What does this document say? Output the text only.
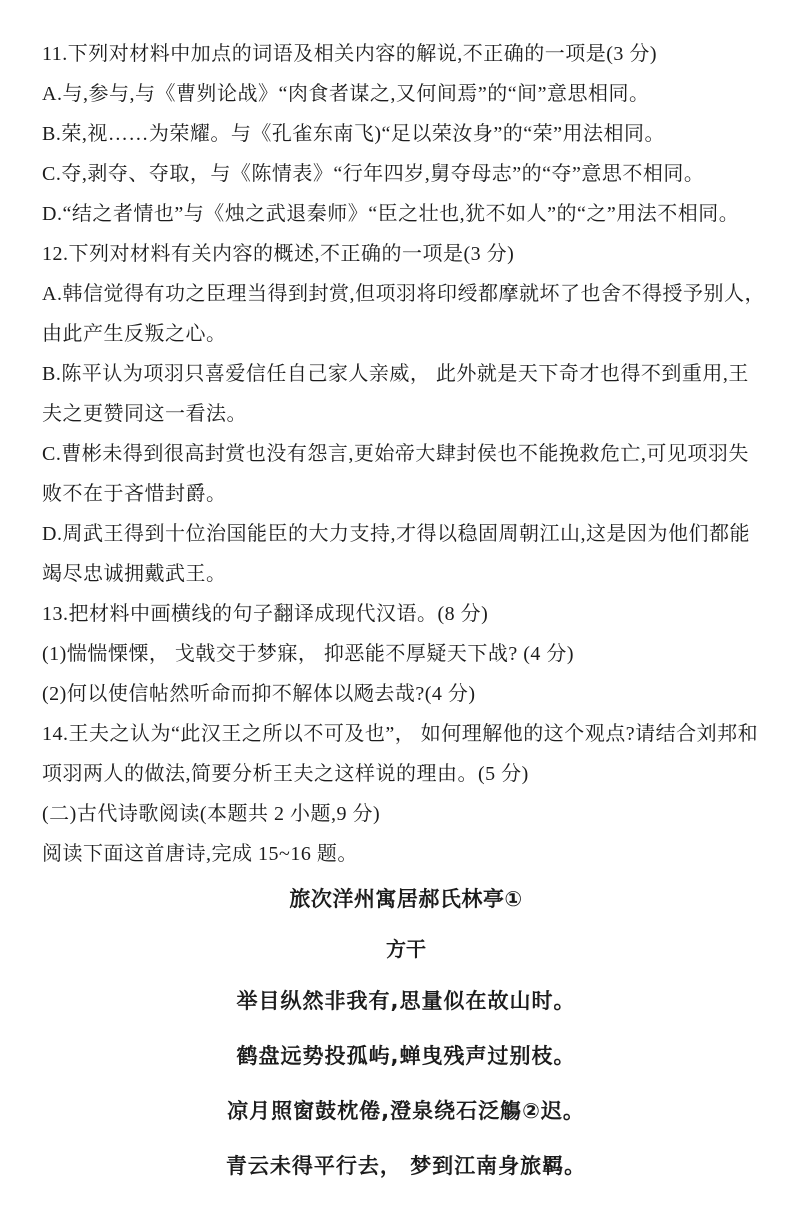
11.下列对材料中加点的词语及相关内容的解说,不正确的一项是(3 分)
A.与,参与,与《曹刿论战》“肉食者谋之,又何间焉”的“间”意思相同。
B.荣,视……为荣耀。与《孔雀东南飞)“足以荣汝身”的“荣”用法相同。
C.夺,剥夺、夺取，与《陈情表》“行年四岁,舅夺母志”的“夺”意思不相同。
D.“结之者情也”与《烛之武退秦师》“臣之壮也,犹不如人”的“之”用法不相同。
12.下列对材料有关内容的概述,不正确的一项是(3 分)
A.韩信觉得有功之臣理当得到封赏,但项羽将印绶都摩就坏了也舍不得授予别人，
由此产生反叛之心。
B.陈平认为项羽只喜爱信任自己家人亲威， 此外就是天下奇才也得不到重用,王
夫之更赞同这一看法。
C.曹彬未得到很高封赏也没有怨言,更始帝大肆封侯也不能挽救危亡,可见项羽失
败不在于吝惜封爵。
D.周武王得到十位治国能臣的大力支持,才得以稳固周朝江山,这是因为他们都能
竭尽忠诚拥戴武王。
13.把材料中画横线的句子翻译成现代汉语。(8 分)
(1)惴惴慄慄， 戈戟交于梦寐， 抑恶能不厚疑天下战? (4 分)
(2)何以使信帖然听命而抑不解体以飏去哉?(4 分)
14.王夫之认为“此汉王之所以不可及也”， 如何理解他的这个观点?请结合刘邦和
项羽两人的做法,简要分析王夫之这样说的理由。(5 分)
(二)古代诗歌阅读(本题共 2 小题,9 分)
阅读下面这首唐诗,完成 15~16 题。
旅次洋州寓居郝氏林亭①
方干
举目纵然非我有,思量似在故山时。
鹤盘远势投孤屿,蝉曳残声过别枝。
凉月照窗鼓枕倦,澄泉绕石泛觴②迟。
青云未得平行去， 梦到江南身旅羁。
